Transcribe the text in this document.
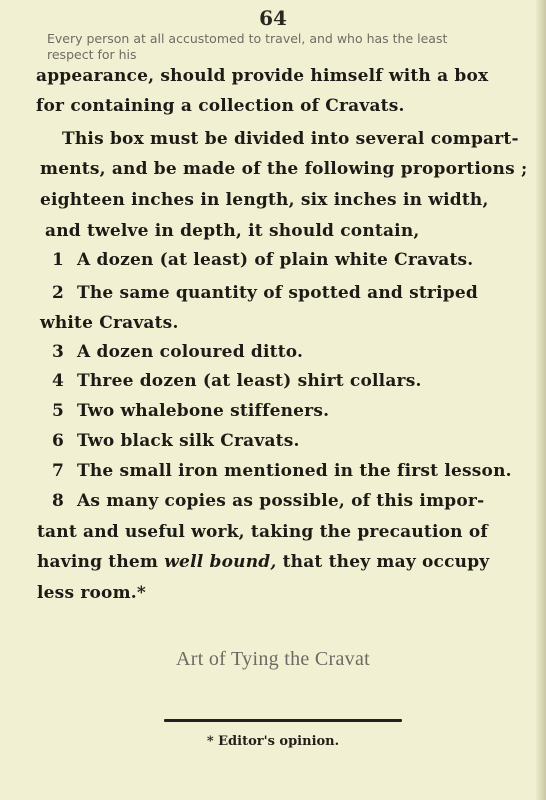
64
Every person at all accustomed to travel, and who has the least respect for his
appearance, should provide himself with a box
for containing a collection of Cravats.
This box must be divided into several compart-
ments, and be made of the following proportions ;
eighteen inches in length, six inches in width,
and twelve in depth, it should contain,
1 A dozen (at least) of plain white Cravats.
2 The same quantity of spotted and striped
white Cravats.
3 A dozen coloured ditto.
4 Three dozen (at least) shirt collars.
5 Two whalebone stiffeners.
6 Two black silk Cravats.
7 The small iron mentioned in the first lesson.
8 As many copies as possible, of this impor-
tant and useful work, taking the precaution of
having them well bound, that they may occupy
less room.*
Art of Tying the Cravat
* Editor's opinion.
